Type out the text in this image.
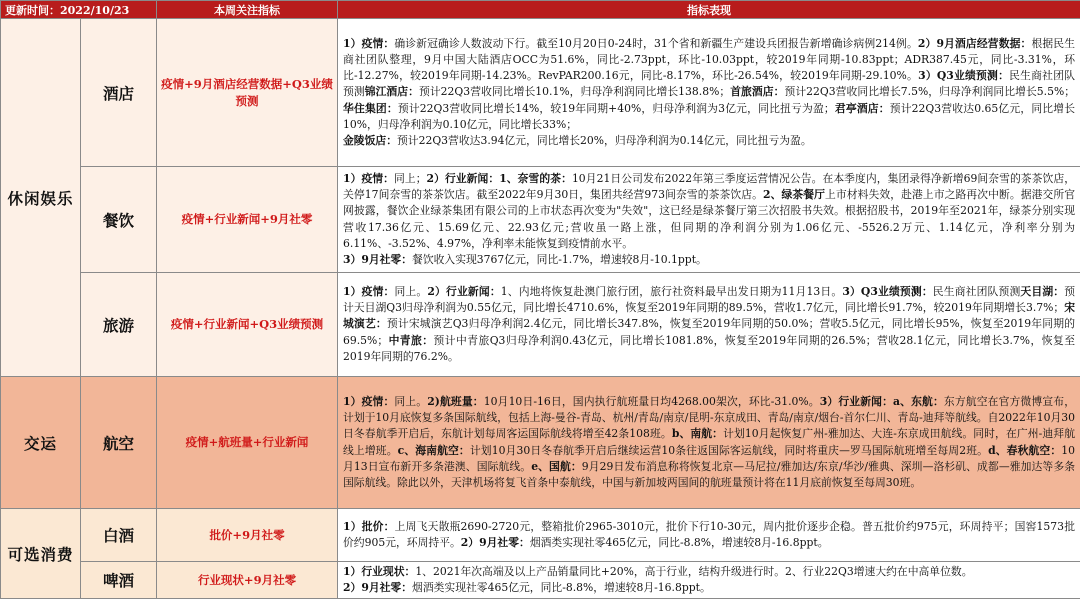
更新时间：2022/10/23		本周关注指标	指标表现
休闲娱乐	酒店	疫情+9月酒店经营数据+Q3业绩预测	1）疫情：确诊新冠确诊人数波动下行。截至10月20日0-24时，31个省和新疆生产建设兵团报告新增确诊病例214例。2）9月酒店经营数据：根据民生商社团队整理，9月中国大陆酒店OCC为51.6%，同比-2.73ppt，环比-10.03ppt，较2019年同期-10.83ppt；ADR387.45元，同比-3.31%，环比-12.27%，较2019年同期-14.23%。RevPAR200.16元，同比-8.17%，环比-26.54%，较2019年同期-29.10%。3）Q3业绩预测：民生商社团队预测锦江酒店：预计22Q3营收同比增长10.1%，归母净利润同比增长138.8%；首旅酒店：预计22Q3营收同比增长7.5%，归母净利润同比增长5.5%；华住集团：预计22Q3营收同比增长14%，较19年同期+40%，归母净利润为3亿元，同比扭亏为盈；君亭酒店：预计22Q3营收达0.65亿元，同比增长10%，归母净利润为0.10亿元，同比增长33%；
金陵饭店：预计22Q3营收达3.94亿元，同比增长20%，归母净利润为0.14亿元，同比扭亏为盈。
	餐饮	疫情+行业新闻+9月社零	1）疫情：同上；2）行业新闻：1、奈雪的茶：10月21日公司发布2022年第三季度运营情况公告。在本季度内，集团录得净新增69间奈雪的茶茶饮店，关停17间奈雪的茶茶饮店。截至2022年9月30日，集团共经营973间奈雪的茶茶饮店。2、绿茶餐厅上市材料失效，赴港上市之路再次中断。据港交所官网披露，餐饮企业绿茶集团有限公司的上市状态再次变为"失效"，这已经是绿茶餐厅第三次招股书失效。根据招股书，2019年至2021年，绿茶分别实现营收17.36亿元、15.69亿元、22.93亿元;营收虽一路上涨，但同期的净利润分别为1.06亿元、-5526.2万元、1.14亿元，净利率分别为6.11%、-3.52%、4.97%，净利率未能恢复到疫情前水平。
3）9月社零：餐饮收入实现3767亿元，同比-1.7%，增速较8月-10.1ppt。
	旅游	疫情+行业新闻+Q3业绩预测	1）疫情：同上。2）行业新闻：1、内地将恢复赴澳门旅行团，旅行社资料最早出发日期为11月13日。3）Q3业绩预测：民生商社团队预测天目湖：预计天目湖Q3归母净利润为0.55亿元，同比增长4710.6%，恢复至2019年同期的89.5%，营收1.7亿元，同比增长91.7%，较2019年同期增长3.7%；宋城演艺：预计宋城演艺Q3归母净利润2.4亿元，同比增长347.8%，恢复至2019年同期的50.0%；营收5.5亿元，同比增长95%，恢复至2019年同期的69.5%；中青旅：预计中青旅Q3归母净利润0.43亿元，同比增长1081.8%，恢复至2019年同期的26.5%；营收28.1亿元，同比增长3.7%，恢复至2019年同期的76.2%。
交运	航空	疫情+航班量+行业新闻	1）疫情：同上。2)航班量：10月10日-16日，国内执行航班量日均4268.00架次，环比-31.0%。3）行业新闻：a、东航：东方航空在官方微博宣布，计划于10月底恢复多条国际航线，包括上海-曼谷-青岛、杭州/青岛/南京/昆明-东京成田、青岛/南京/烟台-首尔仁川、青岛-迪拜等航线。自2022年10月30日冬春航季开启后，东航计划每周客运国际航线将增至42条108班。b、南航：计划10月起恢复广州-雅加达、大连-东京成田航线。同时，在广州-迪拜航线上增班。c、海南航空：计划10月30日冬春航季开启后继续运营10条往返国际客运航线，同时将重庆—罗马国际航班增至每周2班。d、春秋航空：10月13日宣布新开多条港澳、国际航线。e、国航：9月29日发布消息称将恢复北京—马尼拉/雅加达/东京/华沙/雅典、深圳—洛杉矶、成都—雅加达等多条国际航线。除此以外，天津机场将复飞首条中泰航线，中国与新加坡两国间的航班量预计将在11月底前恢复至每周30班。
可选消费	白酒	批价+9月社零	1）批价：上周飞天散瓶2690-2720元，整箱批价2965-3010元，批价下行10-30元，周内批价逐步企稳。普五批价约975元，环周持平；国窖1573批价约905元，环周持平。2）9月社零：烟酒类实现社零465亿元，同比-8.8%，增速较8月-16.8ppt。
	啤酒	行业现状+9月社零	1）行业现状：1、2021年次高端及以上产品销量同比+20%，高于行业，结构升级进行时。2、行业22Q3增速大约在中高单位数。
2）9月社零：烟酒类实现社零465亿元，同比-8.8%，增速较8月-16.8ppt。
